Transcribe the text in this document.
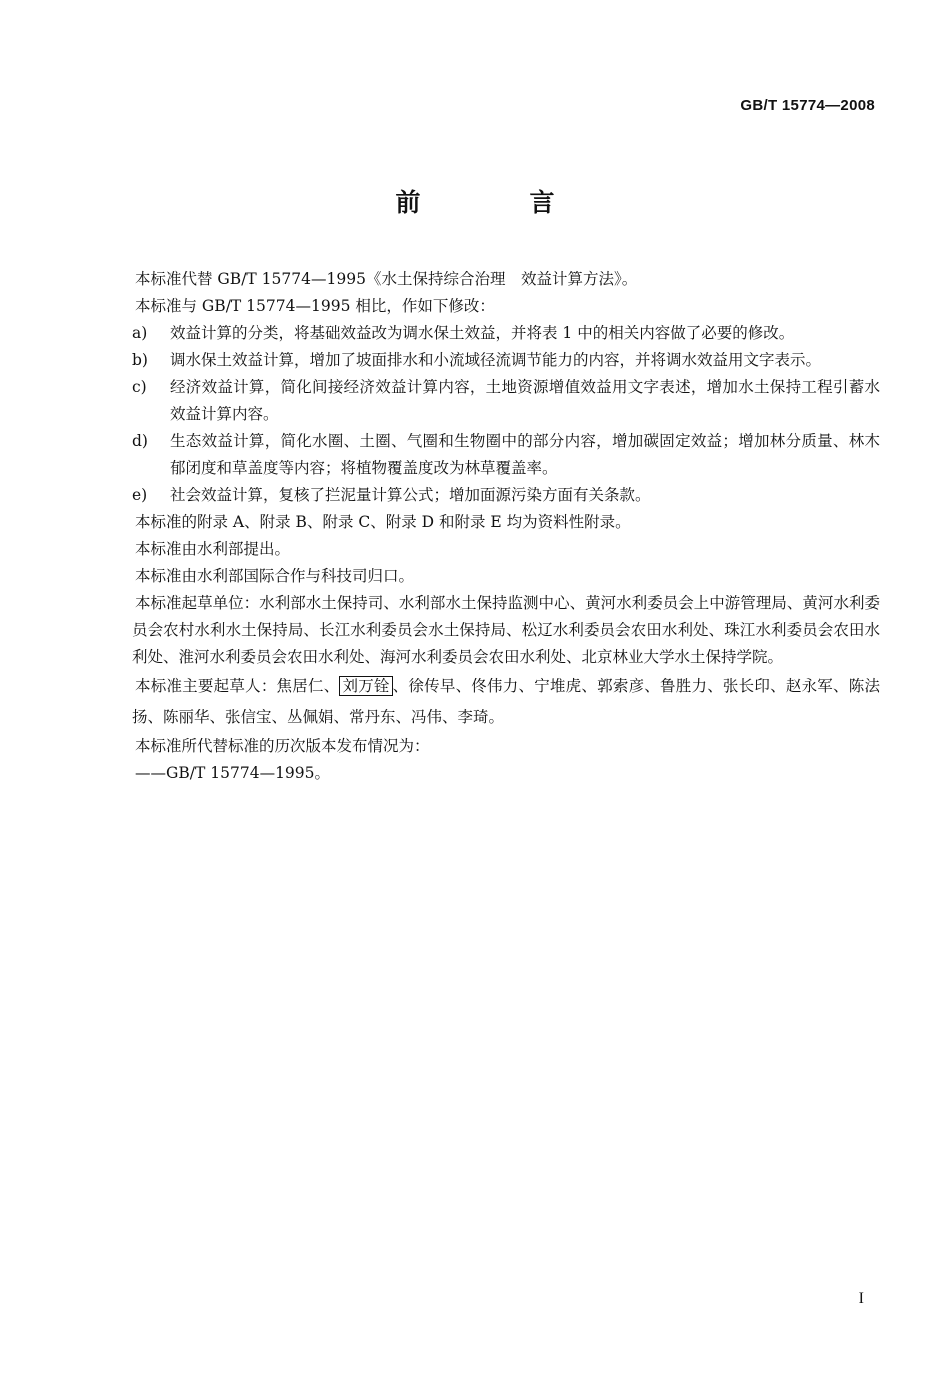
GB/T 15774—2008
前　言

本标准代替 GB/T 15774—1995《水土保持综合治理　效益计算方法》。

本标准与 GB/T 15774—1995 相比，作如下修改：

a) 效益计算的分类，将基础效益改为调水保土效益，并将表 1 中的相关内容做了必要的修改。

b) 调水保土效益计算，增加了坡面排水和小流域径流调节能力的内容，并将调水效益用文字表示。

c) 经济效益计算，简化间接经济效益计算内容，土地资源增值效益用文字表述，增加水土保持工程引蓄水效益计算内容。

d) 生态效益计算，简化水圈、土圈、气圈和生物圈中的部分内容，增加碳固定效益；增加林分质量、林木郁闭度和草盖度等内容；将植物覆盖度改为林草覆盖率。

e) 社会效益计算，复核了拦泥量计算公式；增加面源污染方面有关条款。

本标准的附录 A、附录 B、附录 C、附录 D 和附录 E 均为资料性附录。

本标准由水利部提出。

本标准由水利部国际合作与科技司归口。

本标准起草单位：水利部水土保持司、水利部水土保持监测中心、黄河水利委员会上中游管理局、黄河水利委员会农村水利水土保持局、长江水利委员会水土保持局、松辽水利委员会农田水利处、珠江水利委员会农田水利处、淮河水利委员会农田水利处、海河水利委员会农田水利处、北京林业大学水土保持学院。

本标准主要起草人：焦居仁、 刘万铨 、徐传早、佟伟力、宁堆虎、郭索彦、鲁胜力、张长印、赵永军、陈法扬、陈丽华、张信宝、丛佩娟、常丹东、冯伟、李琦。

本标准所代替标准的历次版本发布情况为：

——GB/T 15774—1995。

I
